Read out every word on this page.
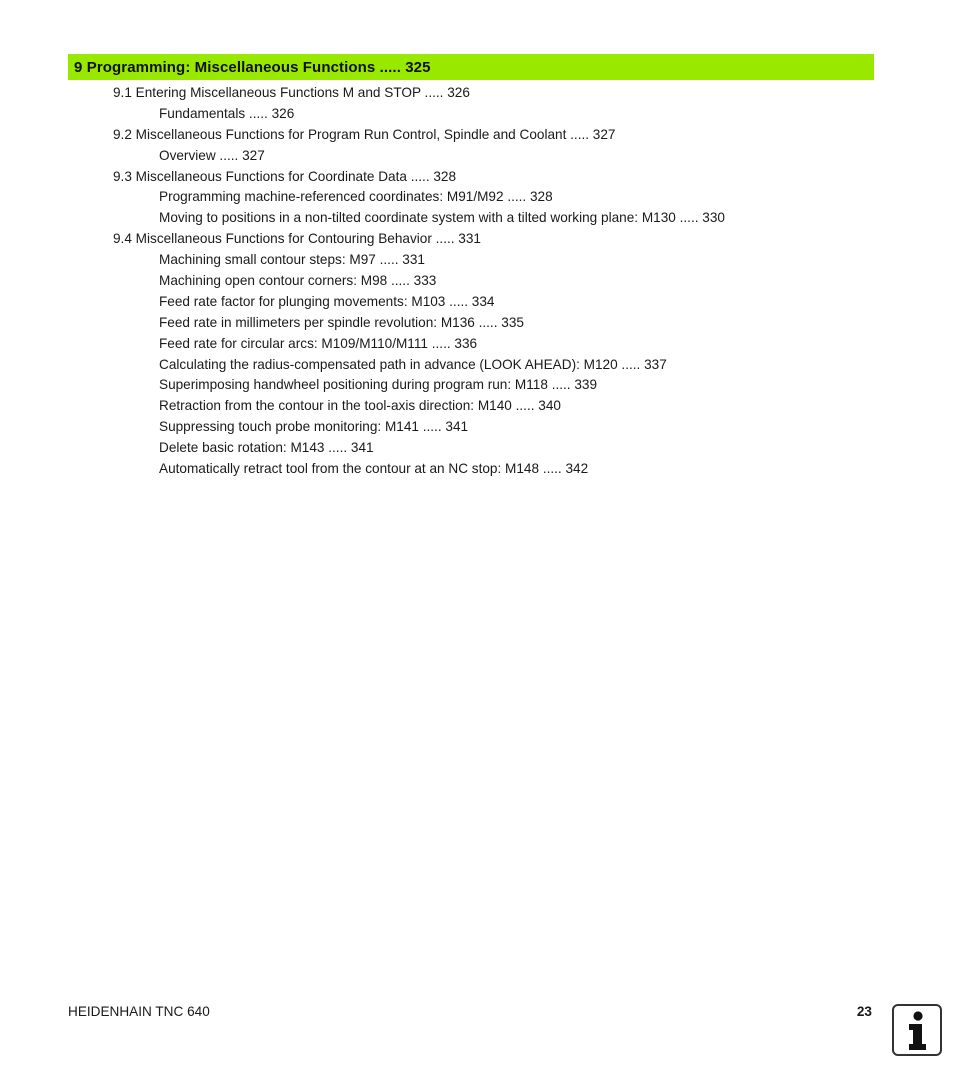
9 Programming: Miscellaneous Functions ..... 325
9.1 Entering Miscellaneous Functions M and STOP ..... 326
Fundamentals ..... 326
9.2 Miscellaneous Functions for Program Run Control, Spindle and Coolant ..... 327
Overview ..... 327
9.3 Miscellaneous Functions for Coordinate Data ..... 328
Programming machine-referenced coordinates: M91/M92 ..... 328
Moving to positions in a non-tilted coordinate system with a tilted working plane: M130 ..... 330
9.4 Miscellaneous Functions for Contouring Behavior ..... 331
Machining small contour steps: M97 ..... 331
Machining open contour corners: M98 ..... 333
Feed rate factor for plunging movements: M103 ..... 334
Feed rate in millimeters per spindle revolution: M136 ..... 335
Feed rate for circular arcs: M109/M110/M111 ..... 336
Calculating the radius-compensated path in advance (LOOK AHEAD): M120 ..... 337
Superimposing handwheel positioning during program run: M118 ..... 339
Retraction from the contour in the tool-axis direction: M140 ..... 340
Suppressing touch probe monitoring: M141 ..... 341
Delete basic rotation: M143 ..... 341
Automatically retract tool from the contour at an NC stop: M148 ..... 342
HEIDENHAIN TNC 640	23
